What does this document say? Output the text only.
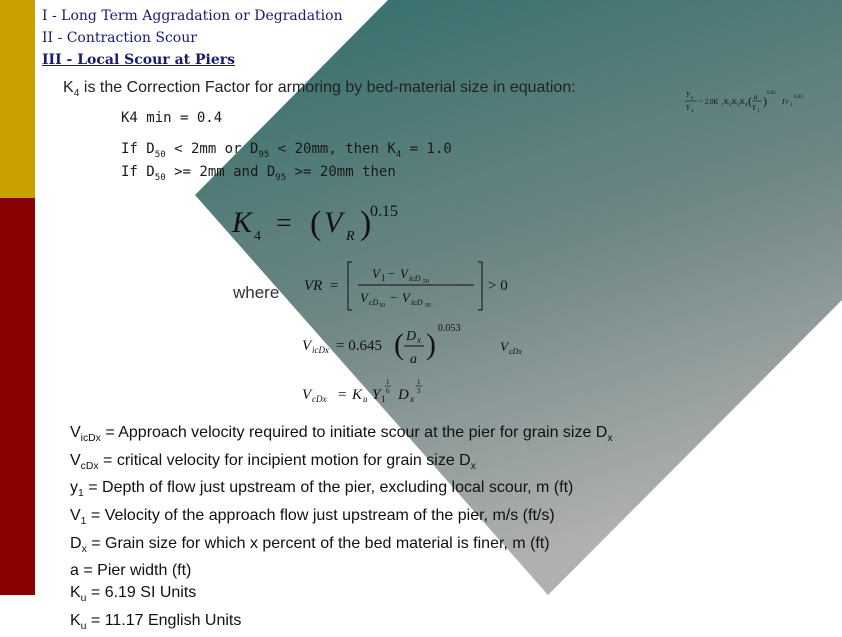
I - Long Term Aggradation or Degradation
II - Contraction Scour
III - Local Scour at Piers
$K_4$ is the Correction Factor for armoring by bed-material size in equation:	Y s
Y 1
= 2.0K 1 K 2 K 3 K 4 ( a
Y 1
)
0.65
Fr 1
0.43
K4 min = 0.4
If $D_{50} < 2mm$ or $D_{95} < 20mm$, then $K_4 = 1.0$
If $D_{50} >= 2mm$ and $D_{95} >= 20mm$ then
K 4 = ( V R )
0.15
where VR =
V 1 − V icD 50
V cD 50
− V icD 95
> 0
V icDx = 0.645 ( D x
a ) 0.053
V cDx
V cDx = K u Y 1
1
6 D x
1
3
$V_{icDx}$ = Approach velocity required to initiate scour at the pier for grain size $D_x$
$V_{cDx}$ = critical velocity for incipient motion for grain size $D_x$
$y_1$ = Depth of flow just upstream of the pier, excluding local scour, m (ft)
$V_1$ = Velocity of the approach flow just upstream of the pier, m/s (ft/s)
$D_x$ = Grain size for which x percent of the bed material is finer, m (ft)
a = Pier width (ft)
$K_u = 6.19$ SI Units
$K_u = 11.17$ English Units
